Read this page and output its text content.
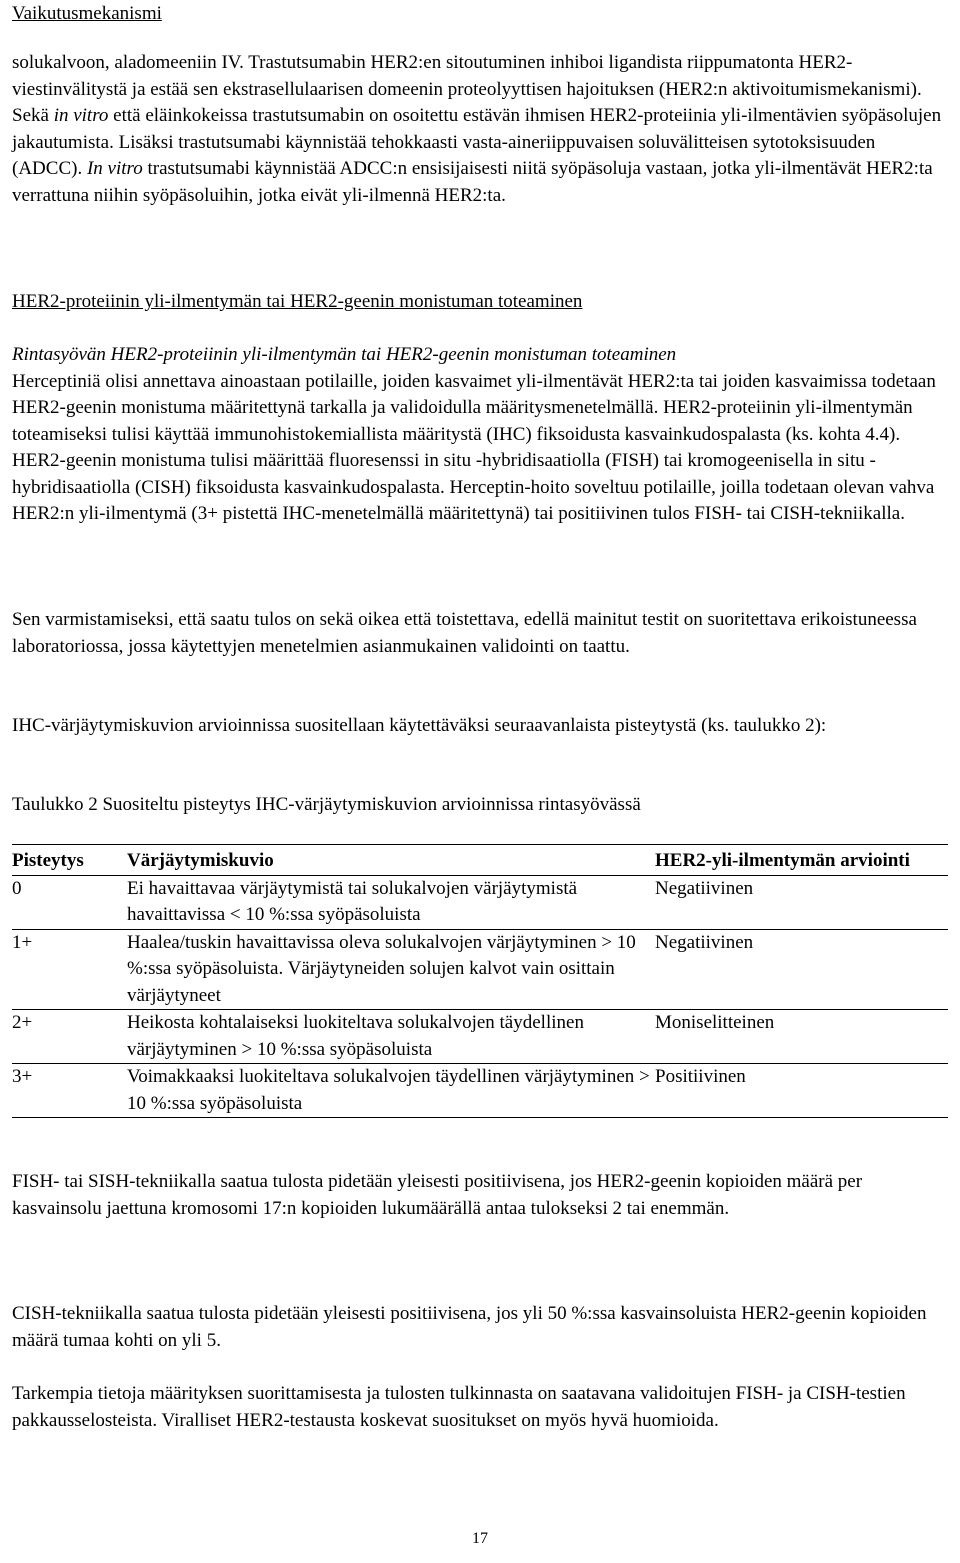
Vaikutusmekanismi

solukalvoon, aladomeeniin IV. Trastutsumabin HER2:en sitoutuminen inhiboi ligandista riippumatonta HER2-viestinvälitystä ja estää sen ekstrasellulaarisen domeenin proteolyyttisen hajoituksen (HER2:n aktivoitumismekanismi). Sekä in vitro että eläinkokeissa trastutsumabin on osoitettu estävän ihmisen HER2-proteiinia yli-ilmentävien syöpäsolujen jakautumista. Lisäksi trastutsumabi käynnistää tehokkaasti vasta-aineriippuvaisen soluvälitteisen sytotoksisuuden (ADCC). In vitro trastutsumabi käynnistää ADCC:n ensisijaisesti niitä syöpäsoluja vastaan, jotka yli-ilmentävät HER2:ta verrattuna niihin syöpäsoluihin, jotka eivät yli-ilmennä HER2:ta.

HER2-proteiinin yli-ilmentymän tai HER2-geenin monistuman toteaminen

Rintasyövän HER2-proteiinin yli-ilmentymän tai HER2-geenin monistuman toteaminen

Herceptiniä olisi annettava ainoastaan potilaille, joiden kasvaimet yli-ilmentävät HER2:ta tai joiden kasvaimissa todetaan HER2-geenin monistuma määritettynä tarkalla ja validoidulla määritysmenetelmällä. HER2-proteiinin yli-ilmentymän toteamiseksi tulisi käyttää immunohistokemiallista määritystä (IHC) fiksoidusta kasvainkudospalasta (ks. kohta 4.4). HER2-geenin monistuma tulisi määrittää fluoresenssi in situ -hybridisaatiolla (FISH) tai kromogeenisella in situ -hybridisaatiolla (CISH) fiksoidusta kasvainkudospalasta. Herceptin-hoito soveltuu potilaille, joilla todetaan olevan vahva HER2:n yli-ilmentymä (3+ pistettä IHC-menetelmällä määritettynä) tai positiivinen tulos FISH- tai CISH-tekniikalla.

Sen varmistamiseksi, että saatu tulos on sekä oikea että toistettava, edellä mainitut testit on suoritettava erikoistuneessa laboratoriossa, jossa käytettyjen menetelmien asianmukainen validointi on taattu.

IHC-värjäytymiskuvion arvioinnissa suositellaan käytettäväksi seuraavanlaista pisteytystä (ks. taulukko 2):

Taulukko 2 Suositeltu pisteytys IHC-värjäytymiskuvion arvioinnissa rintasyövässä

Pisteytys	Värjäytymiskuvio	HER2-yli-ilmentymän arviointi
0	Ei havaittavaa värjäytymistä tai solukalvojen värjäytymistä havaittavissa < 10 %:ssa syöpäsoluista	Negatiivinen
1+	Haalea/tuskin havaittavissa oleva solukalvojen värjäytyminen > 10 %:ssa syöpäsoluista. Värjäytyneiden solujen kalvot vain osittain värjäytyneet	Negatiivinen
2+	Heikosta kohtalaiseksi luokiteltava solukalvojen täydellinen värjäytyminen > 10 %:ssa syöpäsoluista	Moniselitteinen
3+	Voimakkaaksi luokiteltava solukalvojen täydellinen värjäytyminen > 10 %:ssa syöpäsoluista	Positiivinen

FISH- tai SISH-tekniikalla saatua tulosta pidetään yleisesti positiivisena, jos HER2-geenin kopioiden määrä per kasvainsolu jaettuna kromosomi 17:n kopioiden lukumäärällä antaa tulokseksi 2 tai enemmän.

CISH-tekniikalla saatua tulosta pidetään yleisesti positiivisena, jos yli 50 %:ssa kasvainsoluista HER2-geenin kopioiden määrä tumaa kohti on yli 5.

Tarkempia tietoja määrityksen suorittamisesta ja tulosten tulkinnasta on saatavana validoitujen FISH- ja CISH-testien pakkausselosteista. Viralliset HER2-testausta koskevat suositukset on myös hyvä huomioida.

17
